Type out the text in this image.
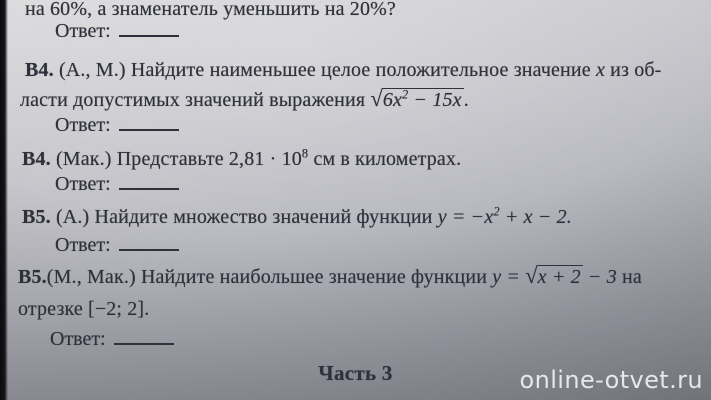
на 60%, а знаменатель уменьшить на 20%?
Ответ:
В4. (А., М.) Найдите наименьшее целое положительное значение x из об-
ласти допустимых значений выражения $√6x^2 - 15x$ .
Ответ:
В4. (Мак.) Представьте $2,81 \cdot 10^8$ см в километрах.
Ответ:
В5. (А.) Найдите множество значений функции $y = -x^2 + x - 2$.
Ответ:
В5.(М., Мак.) Найдите наибольшее значение функции y = √x + 2 − 3 на
отрезке [−2; 2].
Ответ:
Часть 3	online-otvet.ru
